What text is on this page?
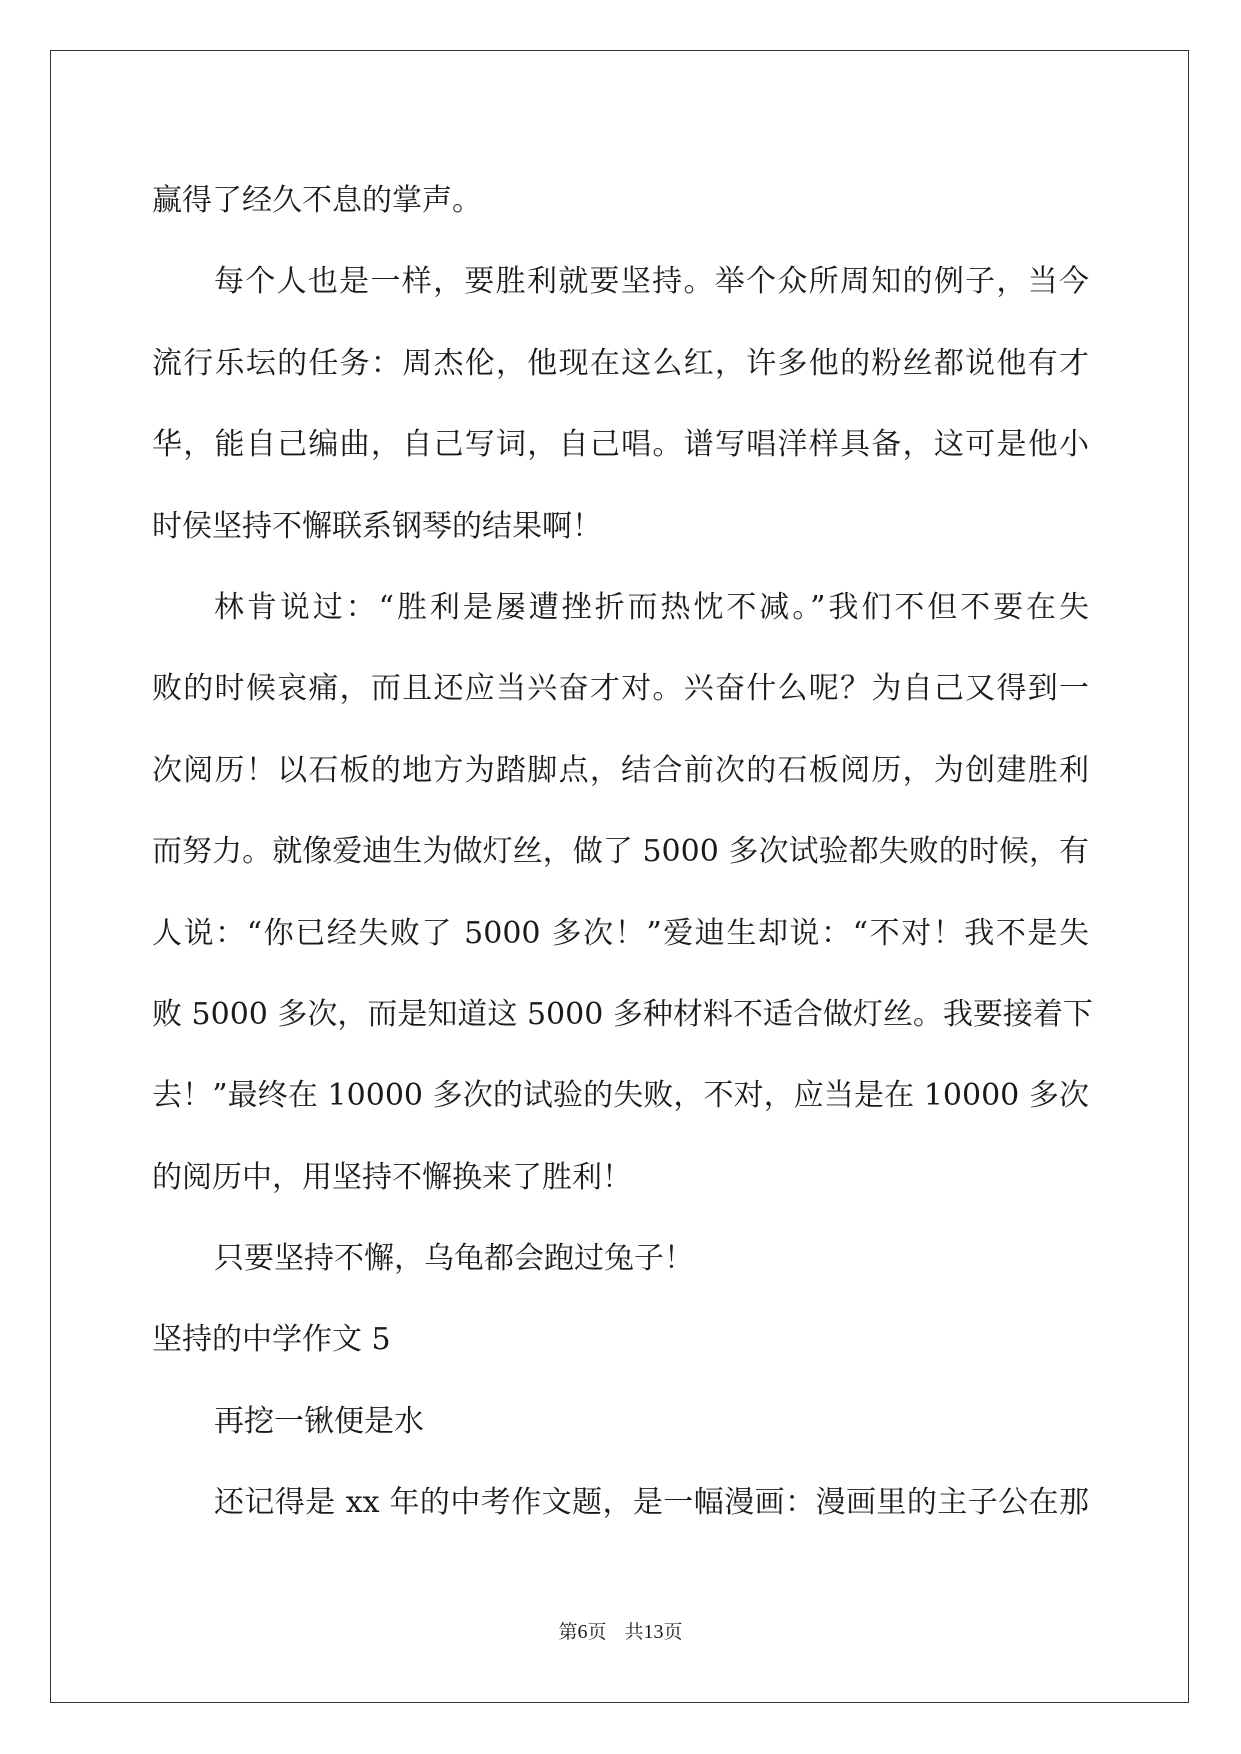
赢得了经久不息的掌声。
每个人也是一样，要胜利就要坚持。举个众所周知的例子，当今
流行乐坛的任务：周杰伦，他现在这么红，许多他的粉丝都说他有才
华，能自己编曲，自己写词，自己唱。谱写唱洋样具备，这可是他小
时侯坚持不懈联系钢琴的结果啊！
林肯说过：“胜利是屡遭挫折而热忱不减。”我们不但不要在失
败的时候哀痛，而且还应当兴奋才对。兴奋什么呢？为自己又得到一
次阅历！以石板的地方为踏脚点，结合前次的石板阅历，为创建胜利
而努力。就像爱迪生为做灯丝，做了 5000 多次试验都失败的时候，有
人说：“你已经失败了 5000 多次！”爱迪生却说：“不对！我不是失
败 5000 多次，而是知道这 5000 多种材料不适合做灯丝。我要接着下
去！”最终在 10000 多次的试验的失败，不对，应当是在 10000 多次
的阅历中，用坚持不懈换来了胜利！
只要坚持不懈，乌龟都会跑过兔子！
坚持的中学作文 5
再挖一锹便是水
还记得是 xx 年的中考作文题，是一幅漫画：漫画里的主子公在那
第6页 共13页
